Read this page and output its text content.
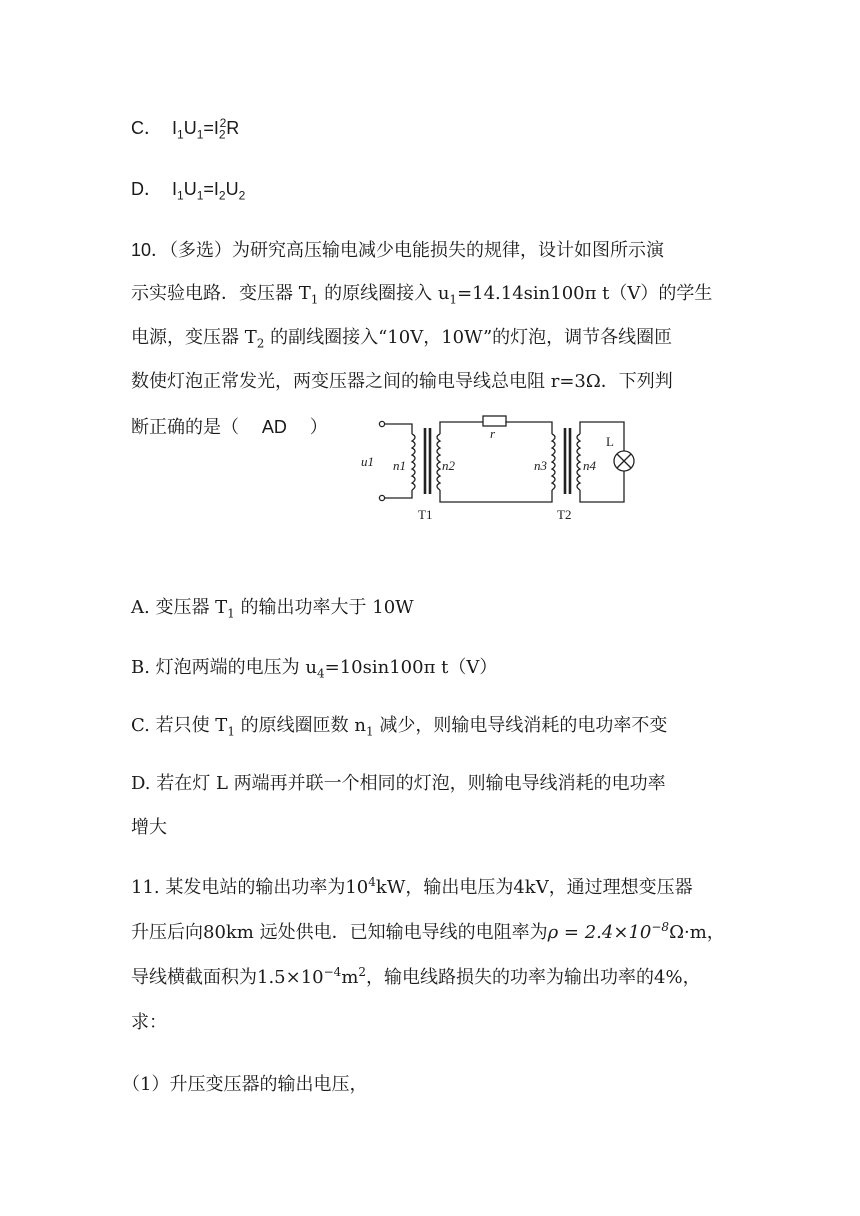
C． $I_1U_1=I_2^2R$
D． $I_1U_1=I_2U_2$
10．（多选）为研究高压输电减少电能损失的规律，设计如图所示演
示实验电路．变压器 $T_1$ 的原线圈接入 $u_1=14.14\sin 100\pi$ t（V）的学生
电源，变压器 $T_2$ 的副线圈接入“10V，10W”的灯泡，调节各线圈匝
数使灯泡正常发光，两变压器之间的输电导线总电阻 r=3Ω．下列判
断正确的是（ AD ）
u1 n1	n2	n3	n4
r
L
T1	T2
A. 变压器 $T_1$ 的输出功率大于 10W
B. 灯泡两端的电压为 $u_4=10\sin 100\pi$ t（V）
C. 若只使 $T_1$ 的原线圈匝数 $n_1$ 减少，则输电导线消耗的电功率不变
D. 若在灯 L 两端再并联一个相同的灯泡，则输电导线消耗的电功率
增大
11. 某发电站的输出功率为$10^4kW$，输出电压为4kV，通过理想变压器
升压后向80km 远处供电．已知输电导线的电阻率为$\rho = 2.4\times 10^{-8}\Omega\cdot m$，
导线横截面积为$1.5\times 10^{-4}m^2$，输电线路损失的功率为输出功率的4%，
求：
（1）升压变压器的输出电压，
